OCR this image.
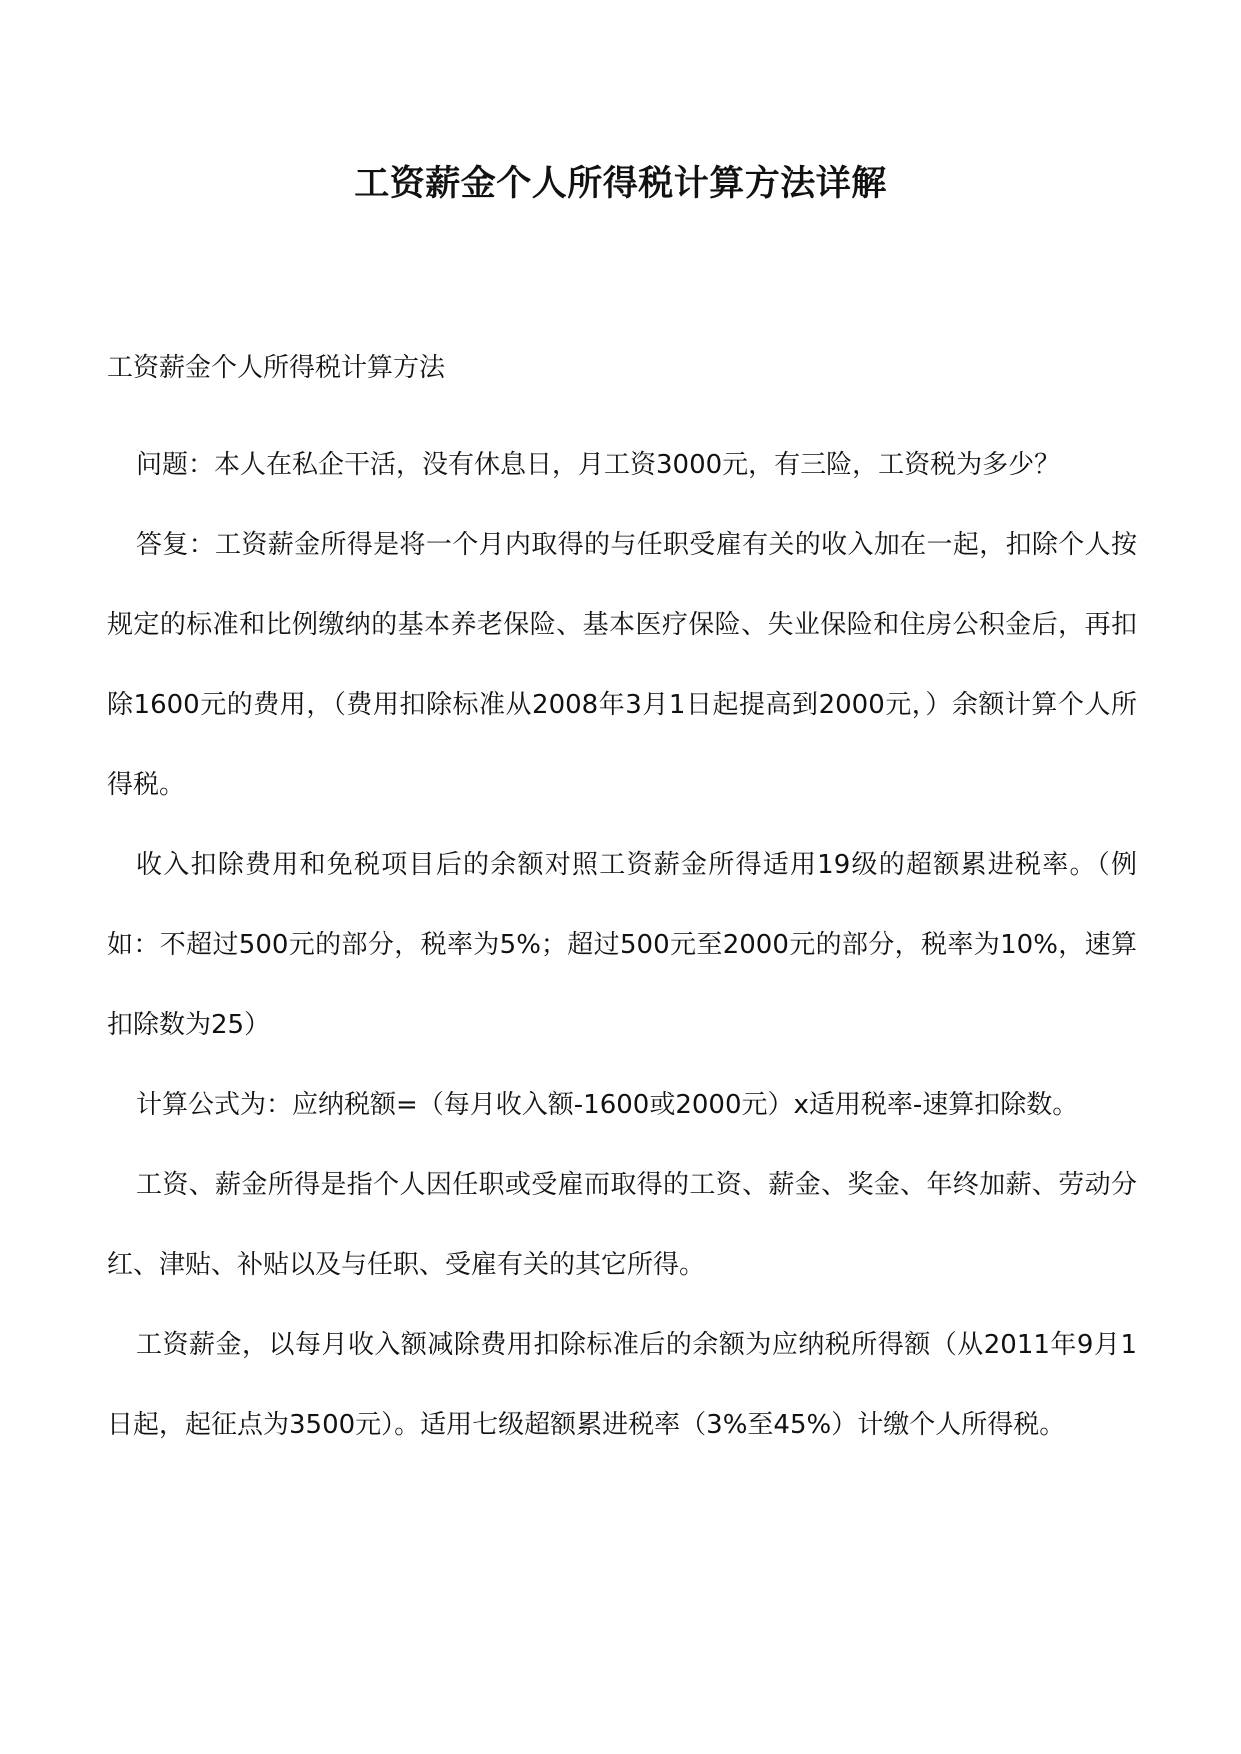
工资薪金个人所得税计算方法详解
工资薪金个人所得税计算方法

问题：本人在私企干活，没有休息日，月工资3000元，有三险，工资税为多少？

答复：工资薪金所得是将一个月内取得的与任职受雇有关的收入加在一起，扣除个人按规定的标准和比例缴纳的基本养老保险、基本医疗保险、失业保险和住房公积金后，再扣除1600元的费用，（费用扣除标准从2008年3月1日起提高到2000元，）余额计算个人所得税。

收入扣除费用和免税项目后的余额对照工资薪金所得适用19级的超额累进税率。（例如：不超过500元的部分，税率为5%；超过500元至2000元的部分，税率为10%，速算扣除数为25）

计算公式为：应纳税额=（每月收入额-1600或2000元）x适用税率-速算扣除数。

工资、薪金所得是指个人因任职或受雇而取得的工资、薪金、奖金、年终加薪、劳动分红、津贴、补贴以及与任职、受雇有关的其它所得。

工资薪金，以每月收入额减除费用扣除标准后的余额为应纳税所得额（从2011年9月1日起，起征点为3500元）。适用七级超额累进税率（3%至45%）计缴个人所得税。
